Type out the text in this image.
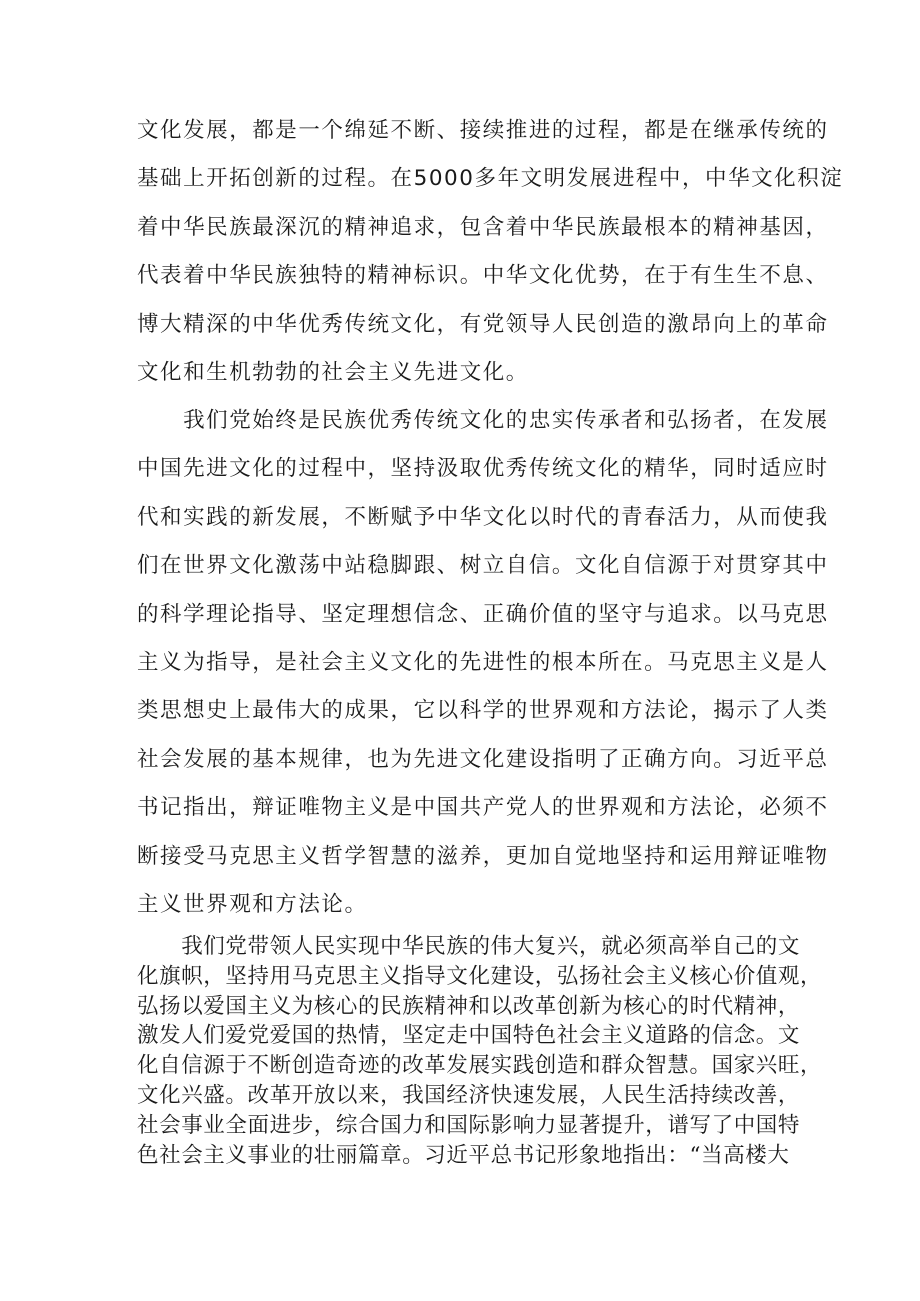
文化发展，都是一个绵延不断、接续推进的过程，都是在继承传统的
基础上开拓创新的过程。在5000多年文明发展进程中，中华文化积淀
着中华民族最深沉的精神追求，包含着中华民族最根本的精神基因，
代表着中华民族独特的精神标识。中华文化优势，在于有生生不息、
博大精深的中华优秀传统文化，有党领导人民创造的激昂向上的革命
文化和生机勃勃的社会主义先进文化。
　　我们党始终是民族优秀传统文化的忠实传承者和弘扬者，在发展
中国先进文化的过程中，坚持汲取优秀传统文化的精华，同时适应时
代和实践的新发展，不断赋予中华文化以时代的青春活力，从而使我
们在世界文化激荡中站稳脚跟、树立自信。文化自信源于对贯穿其中
的科学理论指导、坚定理想信念、正确价值的坚守与追求。以马克思
主义为指导，是社会主义文化的先进性的根本所在。马克思主义是人
类思想史上最伟大的成果，它以科学的世界观和方法论，揭示了人类
社会发展的基本规律，也为先进文化建设指明了正确方向。习近平总
书记指出，辩证唯物主义是中国共产党人的世界观和方法论，必须不
断接受马克思主义哲学智慧的滋养，更加自觉地坚持和运用辩证唯物
主义世界观和方法论。
　　我们党带领人民实现中华民族的伟大复兴，就必须高举自己的文
化旗帜，坚持用马克思主义指导文化建设，弘扬社会主义核心价值观，
弘扬以爱国主义为核心的民族精神和以改革创新为核心的时代精神，
激发人们爱党爱国的热情，坚定走中国特色社会主义道路的信念。文
化自信源于不断创造奇迹的改革发展实践创造和群众智慧。国家兴旺，
文化兴盛。改革开放以来，我国经济快速发展，人民生活持续改善，
社会事业全面进步，综合国力和国际影响力显著提升，谱写了中国特
色社会主义事业的壮丽篇章。习近平总书记形象地指出：“当高楼大
